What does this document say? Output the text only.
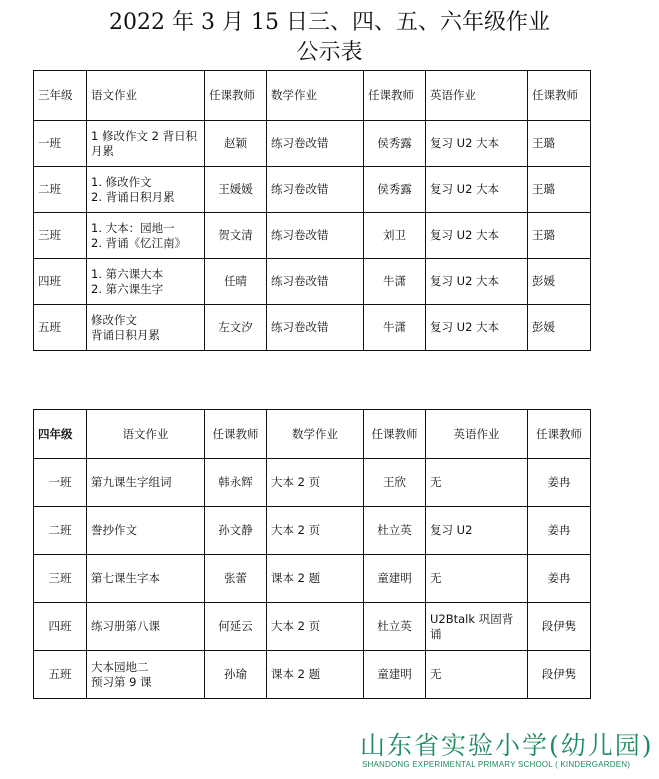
2022 年 3 月 15 日三、四、五、六年级作业
公示表
三年级	语文作业	任课教师	数学作业	任课教师	英语作业	任课教师
一班	1 修改作文 2 背日积
月累	赵颖	练习卷改错	侯秀露	复习 U2 大本	王璐
二班	1. 修改作文
2. 背诵日积月累	王媛媛	练习卷改错	侯秀露	复习 U2 大本	王璐
三班	1. 大本：园地一
2. 背诵《忆江南》	贺文清	练习卷改错	刘卫	复习 U2 大本	王璐
四班	1. 第六课大本
2. 第六课生字	任晴	练习卷改错	牛潇	复习 U2 大本	彭媛
五班	修改作文
背诵日积月累	左文汐	练习卷改错	牛潇	复习 U2 大本	彭媛
四年级	语文作业	任课教师	数学作业	任课教师	英语作业	任课教师
一班	第九课生字组词	韩永辉	大本 2 页	王欣	无	姜冉
二班	誊抄作文	孙文静	大本 2 页	杜立英	复习 U2	姜冉
三班	第七课生字本	张蕾	课本 2 题	童建明	无	姜冉
四班	练习册第八课	何延云	大本 2 页	杜立英	U2Btalk 巩固背诵	段伊隽
五班	大本园地二
预习第 9 课	孙瑜	课本 2 题	童建明	无	段伊隽
山东省实验小学(幼儿园)
SHANDONG EXPERIMENTAL PRIMARY SCHOOL ( KINDERGARDEN)
